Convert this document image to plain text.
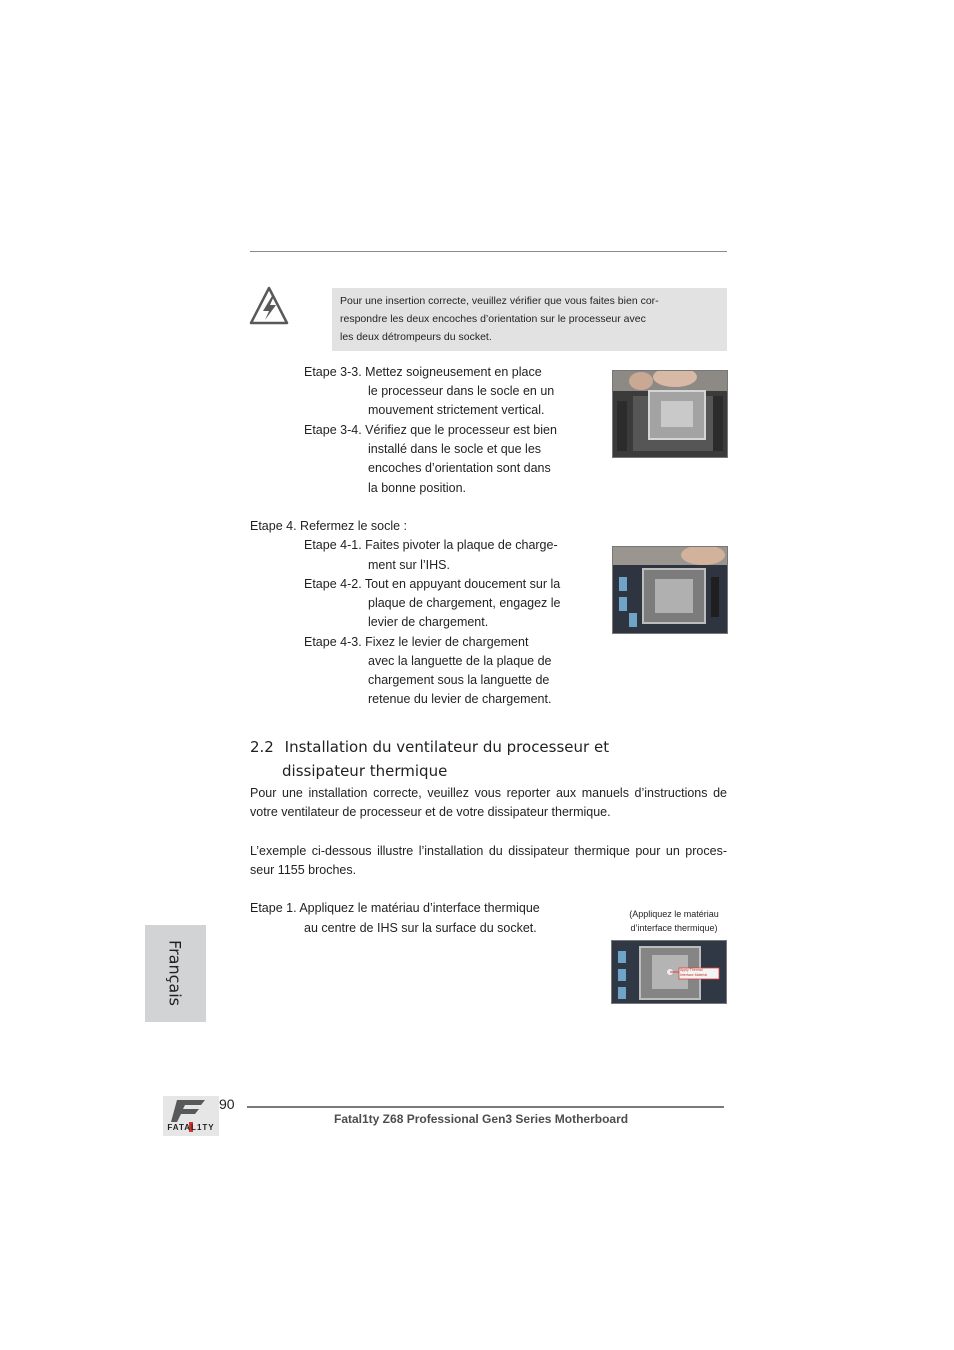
Pour une insertion correcte, veuillez vérifier que vous faites bien cor-
respondre les deux encoches d’orientation sur le processeur avec
les deux détrompeurs du socket.
Etape 3-3. Mettez soigneusement en place
le processeur dans le socle en un
mouvement strictement vertical.
Etape 3-4. Vérifiez que le processeur est bien
installé dans le socle et que les
encoches d’orientation sont dans
la bonne position.
Etape 4. Refermez le socle :
Etape 4-1. Faites pivoter la plaque de charge-
ment sur l’IHS.
Etape 4-2. Tout en appuyant doucement sur la
plaque de chargement, engagez le
levier de chargement.
Etape 4-3. Fixez le levier de chargement
avec la languette de la plaque de
chargement sous la languette de
retenue du levier de chargement.
2.2 Installation du ventilateur du processeur et
dissipateur thermique
Pour une installation correcte, veuillez vous reporter aux manuels d’instructions de
votre ventilateur de processeur et de votre dissipateur thermique.
L’exemple ci-dessous illustre l’installation du dissipateur thermique pour un proces-
seur 1155 broches.
Etape 1. Appliquez le matériau d’interface thermique
au centre de IHS sur la surface du socket.
(Appliquez le matériau
d’interface thermique)
Apply Thermal
Interface Material
Français
FATAL1TY
90
Fatal1ty Z68 Professional Gen3 Series Motherboard
